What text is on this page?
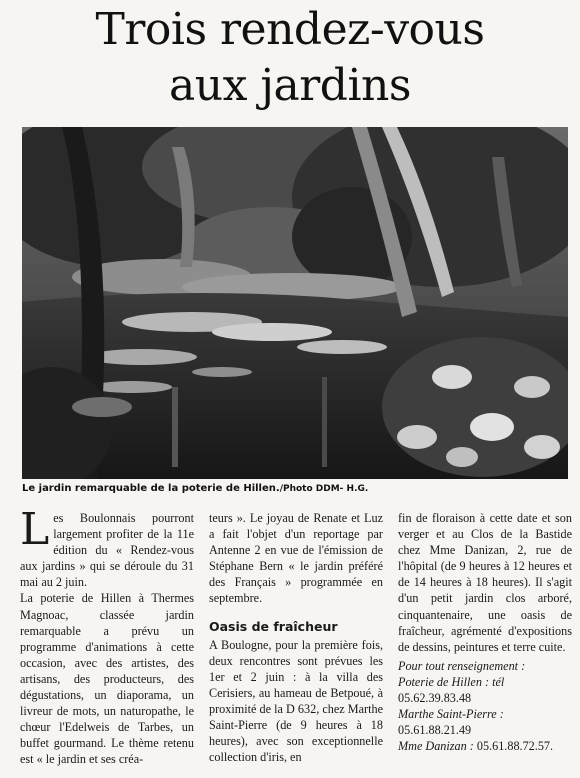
Trois rendez-vous
aux jardins
Le jardin remarquable de la poterie de Hillen./Photo DDM- H.G.

Les Boulonnais pourront largement profiter de la 11e édition du « Rendez-vous aux jardins » qui se déroule du 31 mai au 2 juin.

La poterie de Hillen à Thermes Magnoac, classée jardin remarquable a prévu un programme d'animations à cette occasion, avec des artistes, des artisans, des producteurs, des dégustations, un diaporama, un livreur de mots, un naturopathe, le chœur l'Edelweis de Tarbes, un buffet gourmand. Le thème retenu est « le jardin et ses créa-

teurs ». Le joyau de Renate et Luz a fait l'objet d'un reportage par Antenne 2 en vue de l'émission de Stéphane Bern « le jardin préféré des Français » programmée en septembre.

Oasis de fraîcheur

A Boulogne, pour la première fois, deux rencontres sont prévues les 1er et 2 juin : à la villa des Cerisiers, au hameau de Betpoué, à proximité de la D 632, chez Marthe Saint-Pierre (de 9 heures à 18 heures), avec son exceptionnelle collection d'iris, en

fin de floraison à cette date et son verger et au Clos de la Bastide chez Mme Danizan, 2, rue de l'hôpital (de 9 heures à 12 heures et de 14 heures à 18 heures). Il s'agit d'un petit jardin clos arboré, cinquantenaire, une oasis de fraîcheur, agrémenté d'expositions de dessins, peintures et terre cuite.

Pour tout renseignement :

Poterie de Hillen : tél

05.62.39.83.48

Marthe Saint-Pierre :

05.61.88.21.49

Mme Danizan : 05.61.88.72.57.
